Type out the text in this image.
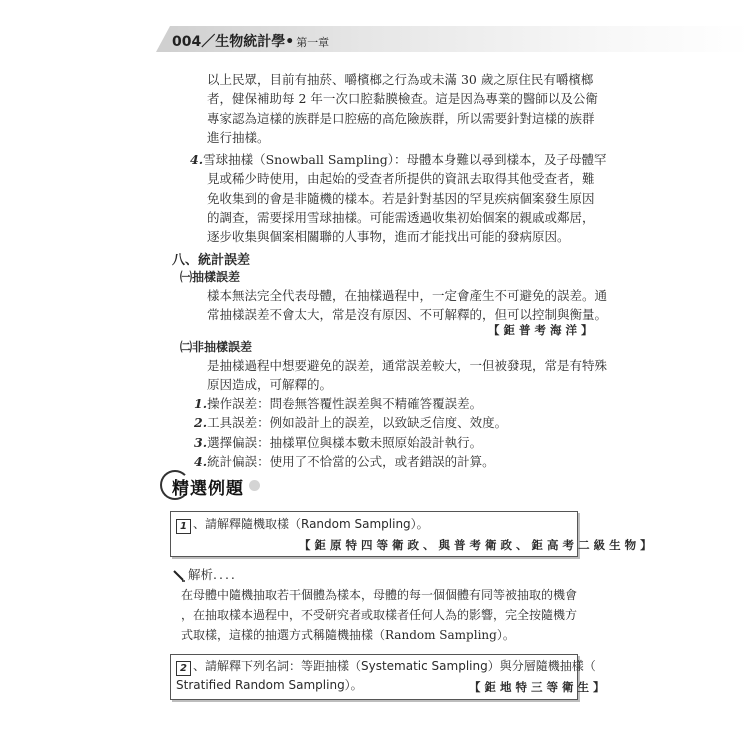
004／生物統計學• 第一章
以上民眾，目前有抽菸、嚼檳榔之行為或未滿 30 歲之原住民有嚼檳榔
者，健保補助每 2 年一次口腔黏膜檢查。這是因為專業的醫師以及公衛
專家認為這樣的族群是口腔癌的高危險族群，所以需要針對這樣的族群
進行抽樣。
4.雪球抽樣（Snowball Sampling）：母體本身難以尋到樣本，及子母體罕
見或稀少時使用，由起始的受查者所提供的資訊去取得其他受查者，難
免收集到的會是非隨機的樣本。若是針對基因的罕見疾病個案發生原因
的調查，需要採用雪球抽樣。可能需透過收集初始個案的親戚或鄰居，
逐步收集與個案相關聯的人事物，進而才能找出可能的發病原因。
八、統計誤差
㈠抽樣誤差
樣本無法完全代表母體，在抽樣過程中，一定會產生不可避免的誤差。通
常抽樣誤差不會太大，常是沒有原因、不可解釋的，但可以控制與衡量。
【 鉅 普 考 海 洋 】
㈡非抽樣誤差
是抽樣過程中想要避免的誤差，通常誤差較大，一但被發現，常是有特殊
原因造成，可解釋的。
1.操作誤差：問卷無答覆性誤差與不精確答覆誤差。
2.工具誤差：例如設計上的誤差，以致缺乏信度、效度。
3.選擇偏誤：抽樣單位與樣本數未照原始設計執行。
4.統計偏誤：使用了不恰當的公式，或者錯誤的計算。
精選例題
1 、請解釋隨機取樣（Random Sampling）。
【 鉅 原 特 四 等 衛 政 、 與 普 考 衛 政 、 鉅 高 考 二 級 生 物 】
解析....
在母體中隨機抽取若干個體為樣本，母體的每一個個體有同等被抽取的機會
，在抽取樣本過程中，不受研究者或取樣者任何人為的影響，完全按隨機方
式取樣，這樣的抽選方式稱隨機抽樣（Random Sampling）。
2 、請解釋下列名詞：等距抽樣（Systematic Sampling）與分層隨機抽樣（
Stratified Random Sampling）。	【 鉅 地 特 三 等 衛 生 】
